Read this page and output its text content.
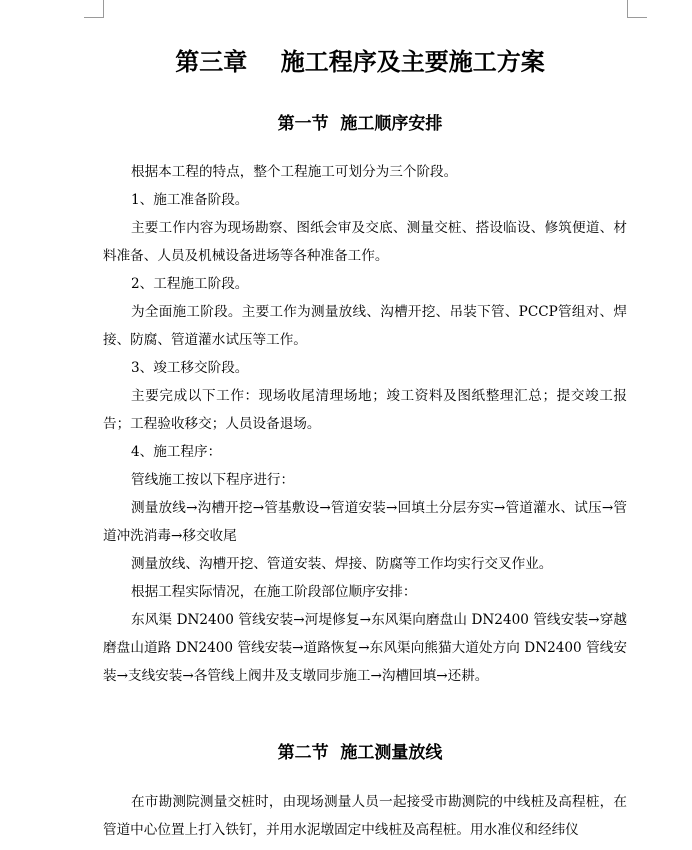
第三章    施工程序及主要施工方案
第一节  施工顺序安排

根据本工程的特点，整个工程施工可划分为三个阶段。

1、施工准备阶段。

主要工作内容为现场勘察、图纸会审及交底、测量交桩、搭设临设、修筑便道、材料准备、人员及机械设备进场等各种准备工作。

2、工程施工阶段。

为全面施工阶段。主要工作为测量放线、沟槽开挖、吊装下管、PCCP管组对、焊接、防腐、管道灌水试压等工作。

3、竣工移交阶段。

主要完成以下工作：现场收尾清理场地；竣工资料及图纸整理汇总；提交竣工报告；工程验收移交；人员设备退场。

4、施工程序：

管线施工按以下程序进行：

测量放线→沟槽开挖→管基敷设→管道安装→回填土分层夯实→管道灌水、试压→管道冲洗消毒→移交收尾

测量放线、沟槽开挖、管道安装、焊接、防腐等工作均实行交叉作业。

根据工程实际情况，在施工阶段部位顺序安排：

东风渠 DN2400 管线安装→河堤修复→东风渠向磨盘山 DN2400 管线安装→穿越磨盘山道路 DN2400 管线安装→道路恢复→东风渠向熊猫大道处方向 DN2400 管线安装→支线安装→各管线上阀井及支墩同步施工→沟槽回填→还耕。

第二节  施工测量放线

在市勘测院测量交桩时，由现场测量人员一起接受市勘测院的中线桩及高程桩，在管道中心位置上打入铁钉，并用水泥墩固定中线桩及高程桩。用水准仪和经纬仪
